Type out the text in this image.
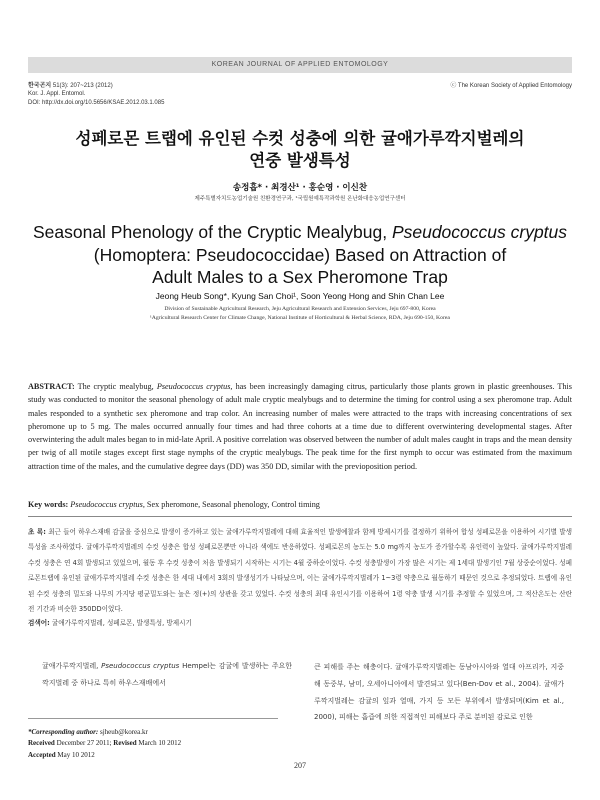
KOREAN JOURNAL OF APPLIED ENTOMOLOGY
한국곤지 51(3): 207~213 (2012)
Kor. J. Appl. Entomol.
DOI: http://dx.doi.org/10.5656/KSAE.2012.03.1.085
ⓒ The Korean Society of Applied Entomology
성페로몬 트랩에 유인된 수컷 성충에 의한 귤애가루깍지벌레의
연중 발생특성
송정흡* · 최경산¹ · 홍순영 · 이신찬
제주특별자치도농업기술원 친환경연구과, ¹국립원예특작과학원 온난화대응농업연구센터
Seasonal Phenology of the Cryptic Mealybug, Pseudococcus cryptus
(Homoptera: Pseudococcidae) Based on Attraction of
Adult Males to a Sex Pheromone Trap
Jeong Heub Song*, Kyung San Choi¹, Soon Yeong Hong and Shin Chan Lee
Division of Sustainable Agricultural Research, Jeju Agricultural Research and Extension Services, Jeju 697-800, Korea
¹Agricultural Research Center for Climate Change, National Institute of Horticultural & Herbal Science, RDA, Jeju 690-150, Korea
ABSTRACT: The cryptic mealybug, Pseudococcus cryptus, has been increasingly damaging citrus, particularly those plants grown in plastic greenhouses. This study was conducted to monitor the seasonal phenology of adult male cryptic mealybugs and to determine the timing for control using a sex pheromone trap. Adult males responded to a synthetic sex pheromone and trap color. An increasing number of males were attracted to the traps with increasing concentrations of sex pheromone up to 5 mg. The males occurred annually four times and had three cohorts at a time due to different overwintering developmental stages. After overwintering the adult males began to in mid-late April. A positive correlation was observed between the number of adult males caught in traps and the mean density per twig of all motile stages except first stage nymphs of the cryptic mealybugs. The peak time for the first nymph to occur was estimated from the maximum attraction time of the males, and the cumulative degree days (DD) was 350 DD, similar with the previoposition period.
Key words: Pseudococcus cryptus, Sex pheromone, Seasonal phenology, Control timing
초 록: 최근 들어 하우스재배 감귤을 중심으로 발생이 증가하고 있는 귤애가루깍지벌레에 대해 효율적인 발생예찰과 함께 방제시기를 결정하기 위하여 합성 성페로몬을 이용하여 시기별 발생특성을 조사하였다. 귤애가루깍지벌레의 수컷 성충은 합성 성페로몬뿐만 아니라 색에도 반응하였다. 성페로몬의 농도는 5.0 mg까지 농도가 증가할수록 유인력이 높았다. 귤애가루깍지벌레 수컷 성충은 연 4회 발생되고 있었으며, 월동 후 수컷 성충이 처음 발생되기 시작하는 시기는 4월 중하순이었다. 수컷 성충발생이 가장 많은 시기는 제 1세대 발생기인 7월 상중순이었다. 성페로몬트랩에 유인된 귤애가루깍지벌레 수컷 성충은 한 세대 내에서 3회의 발생성기가 나타났으며, 이는 귤애가루깍지벌레가 1~3령 약충으로 월동하기 때문인 것으로 추정되었다. 트랩에 유인된 수컷 성충의 밀도와 나무의 가지당 평균밀도와는 높은 정(+)의 상관을 갖고 있었다. 수컷 성충의 최대 유인시기를 이용하여 1령 약충 발생 시기를 추정할 수 있었으며, 그 적산온도는 산란전 기간과 비슷한 350DD이었다.
검색어: 귤애가루깍지벌레, 성페로몬, 발생특성, 방제시기
귤애가루깍지벌레, Pseudococcus cryptus Hempel는 감귤에 발생하는 주요한 깍지벌레 중 하나로 특히 하우스재배에서
큰 피해를 주는 해충이다. 귤애가루깍지벌레는 동남아시아와 열대 아프리카, 지중해 동중부, 남미, 오세아니아에서 발견되고 있다(Ben-Dov et al., 2004). 귤애가루깍지벌레는 감귤의 잎과 열매, 가지 등 모든 부위에서 발생되며(Kim et al., 2000), 피해는 흡즙에 의한 직접적인 피해보다 주로 분비된 감로로 인한
*Corresponding author: sjheub@korea.kr
Received December 27 2011; Revised March 10 2012
Accepted May 10 2012
207
